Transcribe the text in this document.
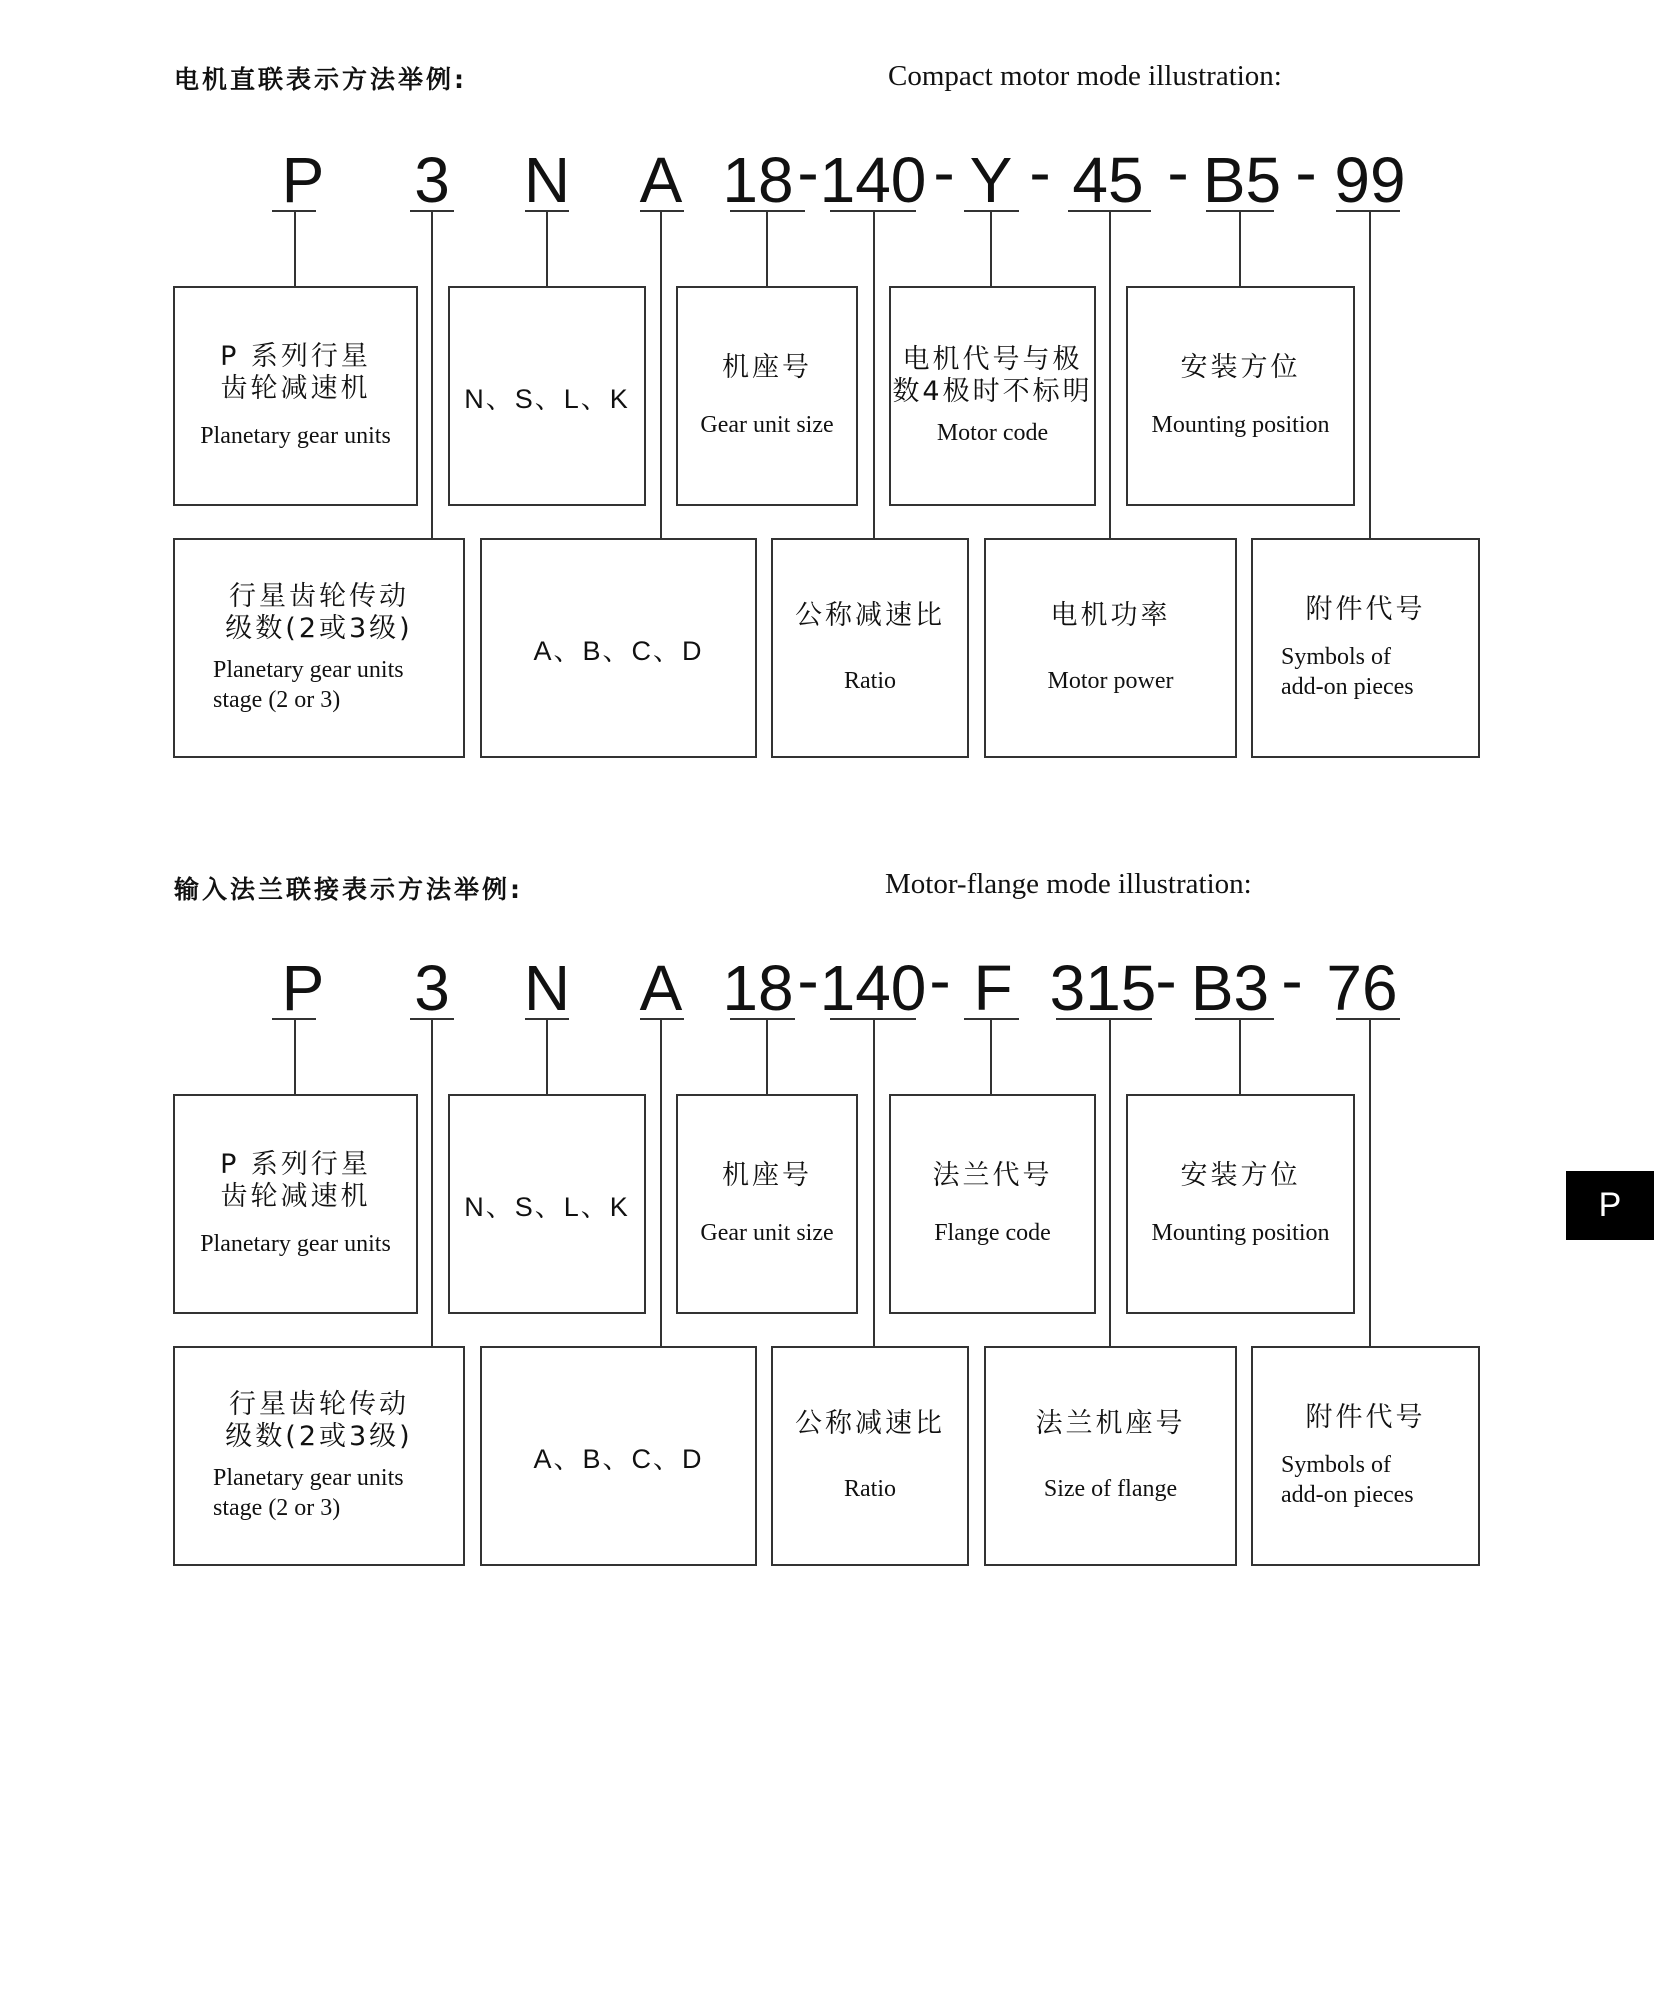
电机直联表示方法举例:	Compact motor mode illustration:
P 3 N A 18 - 140 - Y - 45 - B5 - 99
P 系列行星
齿轮减速机
Planetary gear units
N、S、L、K
机座号
Gear unit size
电机代号与极
数4极时不标明
Motor code
安装方位
Mounting position
行星齿轮传动
级数(2或3级)
Planetary gear units
stage (2 or 3)
A、B、C、D
公称减速比
Ratio
电机功率
Motor power
附件代号
Symbols of
add-on pieces
输入法兰联接表示方法举例:	Motor-flange mode illustration:
P 3 N A 18 - 140 - F 315
- B3 - 76
P 系列行星
齿轮减速机
Planetary gear units
N、S、L、K
机座号
Gear unit size
法兰代号
Flange code
安装方位
Mounting position
行星齿轮传动
级数(2或3级)
Planetary gear units
stage (2 or 3)
A、B、C、D
公称减速比
Ratio
法兰机座号
Size of flange
附件代号
Symbols of
add-on pieces
P
